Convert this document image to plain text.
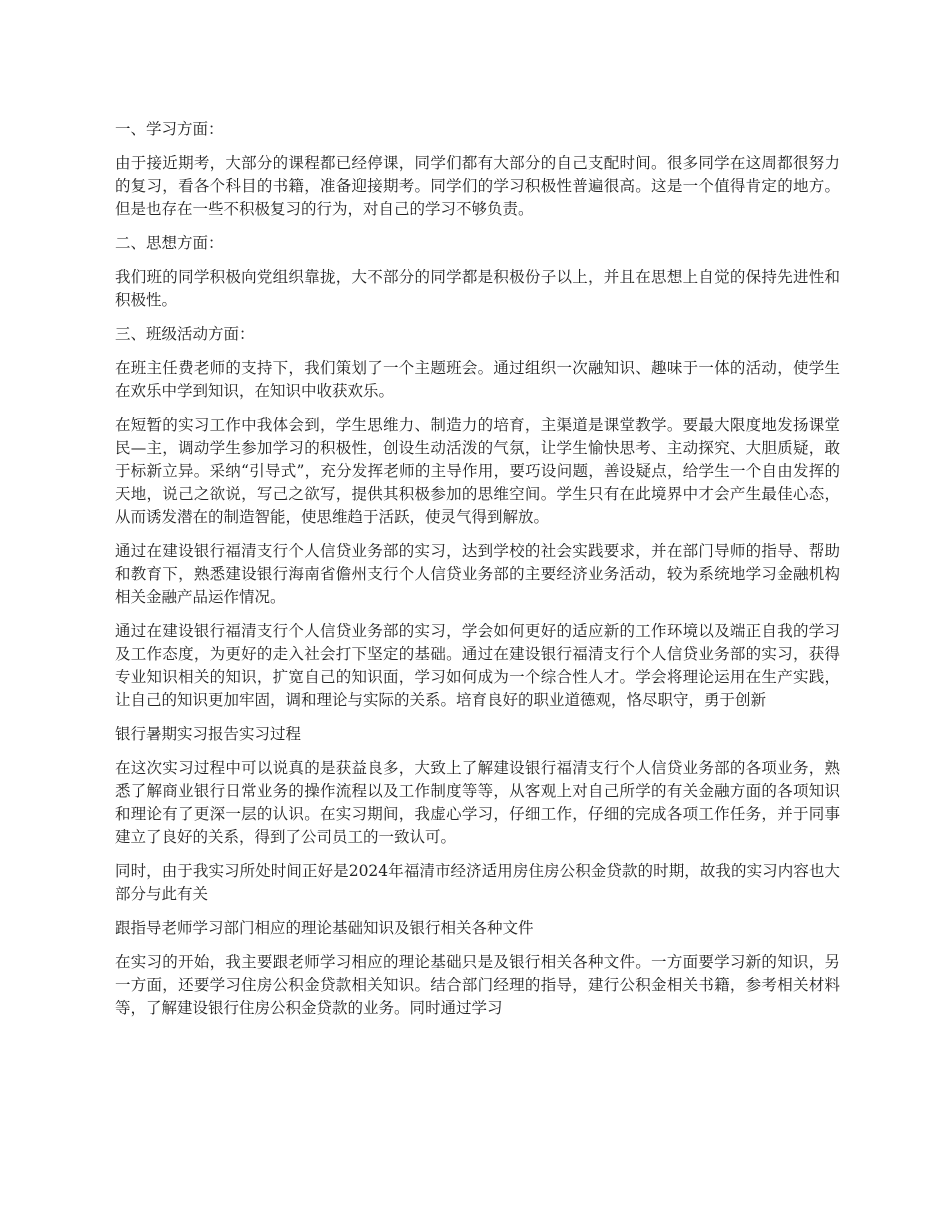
一、学习方面：

由于接近期考，大部分的课程都已经停课，同学们都有大部分的自己支配时间。很多同学在这周都很努力的复习，看各个科目的书籍，准备迎接期考。同学们的学习积极性普遍很高。这是一个值得肯定的地方。但是也存在一些不积极复习的行为，对自己的学习不够负责。

二、思想方面：

我们班的同学积极向党组织靠拢，大不部分的同学都是积极份子以上，并且在思想上自觉的保持先进性和积极性。

三、班级活动方面：

在班主任费老师的支持下，我们策划了一个主题班会。通过组织一次融知识、趣味于一体的活动，使学生在欢乐中学到知识，在知识中收获欢乐。

在短暂的实习工作中我体会到，学生思维力、制造力的培育，主渠道是课堂教学。要最大限度地发扬课堂民—主，调动学生参加学习的积极性，创设生动活泼的气氛，让学生愉快思考、主动探究、大胆质疑，敢于标新立异。采纳“引导式”，充分发挥老师的主导作用，要巧设问题，善设疑点，给学生一个自由发挥的天地，说己之欲说，写己之欲写，提供其积极参加的思维空间。学生只有在此境界中才会产生最佳心态，从而诱发潜在的制造智能，使思维趋于活跃，使灵气得到解放。

通过在建设银行福清支行个人信贷业务部的实习，达到学校的社会实践要求，并在部门导师的指导、帮助和教育下，熟悉建设银行海南省儋州支行个人信贷业务部的主要经济业务活动，较为系统地学习金融机构相关金融产品运作情况。

通过在建设银行福清支行个人信贷业务部的实习，学会如何更好的适应新的工作环境以及端正自我的学习及工作态度，为更好的走入社会打下坚定的基础。通过在建设银行福清支行个人信贷业务部的实习，获得专业知识相关的知识，扩宽自己的知识面，学习如何成为一个综合性人才。学会将理论运用在生产实践，让自己的知识更加牢固，调和理论与实际的关系。培育良好的职业道德观，恪尽职守，勇于创新

银行暑期实习报告实习过程

在这次实习过程中可以说真的是获益良多，大致上了解建设银行福清支行个人信贷业务部的各项业务，熟悉了解商业银行日常业务的操作流程以及工作制度等等，从客观上对自己所学的有关金融方面的各项知识和理论有了更深一层的认识。在实习期间，我虚心学习，仔细工作，仔细的完成各项工作任务，并于同事建立了良好的关系，得到了公司员工的一致认可。

同时，由于我实习所处时间正好是2024年福清市经济适用房住房公积金贷款的时期，故我的实习内容也大部分与此有关

跟指导老师学习部门相应的理论基础知识及银行相关各种文件

在实习的开始，我主要跟老师学习相应的理论基础只是及银行相关各种文件。一方面要学习新的知识，另一方面，还要学习住房公积金贷款相关知识。结合部门经理的指导，建行公积金相关书籍，参考相关材料等，了解建设银行住房公积金贷款的业务。同时通过学习
